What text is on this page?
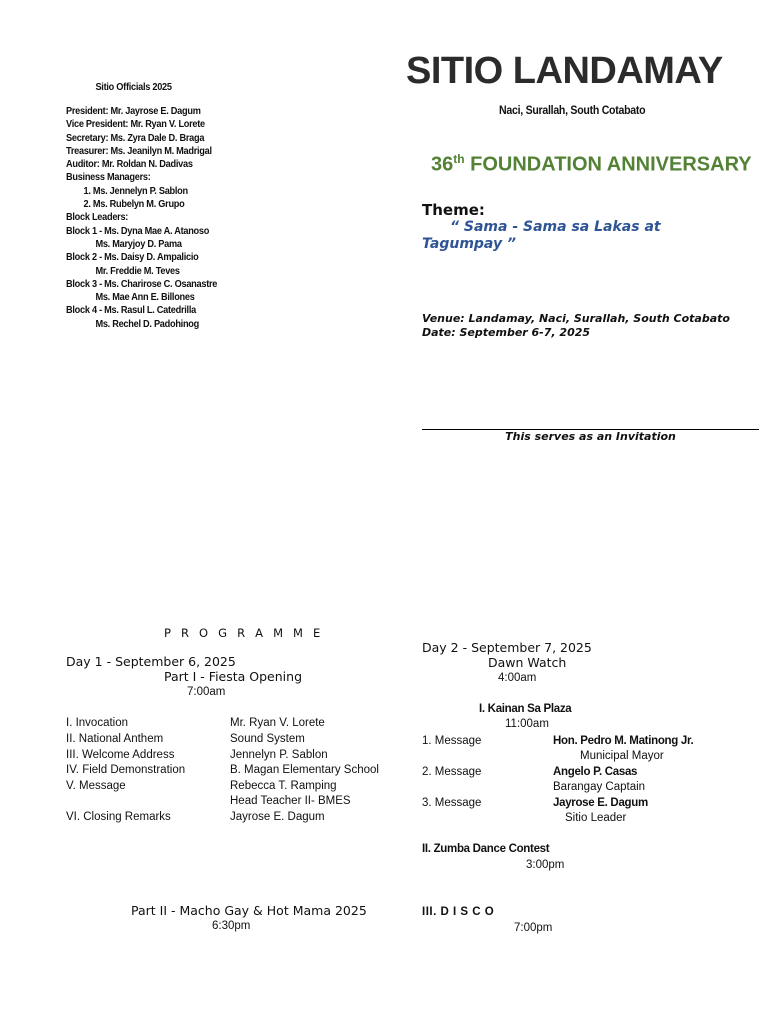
Sitio Officials 2025
President: Mr. Jayrose E. Dagum
Vice President: Mr. Ryan V. Lorete
Secretary: Ms. Zyra Dale D. Braga
Treasurer: Ms. Jeanilyn M. Madrigal
Auditor: Mr. Roldan N. Dadivas
Business Managers:
1. Ms. Jennelyn P. Sablon
2. Ms. Rubelyn M. Grupo
Block Leaders:
Block 1 - Ms. Dyna Mae A. Atanoso
Ms. Maryjoy D. Pama
Block 2 - Ms. Daisy D. Ampalicio
Mr. Freddie M. Teves
Block 3 - Ms. Charirose C. Osanastre
Ms. Mae Ann E. Billones
Block 4 - Ms. Rasul L. Catedrilla
Ms. Rechel D. Padohinog
SITIO LANDAMAY
Naci, Surallah, South Cotabato
36th FOUNDATION ANNIVERSARY
Theme:
“ Sama - Sama sa Lakas at Tagumpay ”
Venue: Landamay, Naci, Surallah, South Cotabato
Date: September 6-7, 2025
This serves as an Invitation
P R O G R A M M E
Day 1 - September 6, 2025
Part I - Fiesta Opening
7:00am
I. Invocation	Mr. Ryan V. Lorete
II. National Anthem	Sound System
III. Welcome Address	Jennelyn P. Sablon
IV. Field Demonstration	B. Magan Elementary School
V. Message	Rebecca T. Ramping
Head Teacher II- BMES
VI. Closing Remarks	Jayrose E. Dagum
Part II - Macho Gay & Hot Mama 2025
6:30pm
Day 2 - September 7, 2025
Dawn Watch
4:00am
I. Kainan Sa Plaza
11:00am
1. Message	Hon. Pedro M. Matinong Jr.
Municipal Mayor
2. Message	Angelo P. Casas
Barangay Captain
3. Message	Jayrose E. Dagum
Sitio Leader
II. Zumba Dance Contest
3:00pm
III. D I S C O
7:00pm
